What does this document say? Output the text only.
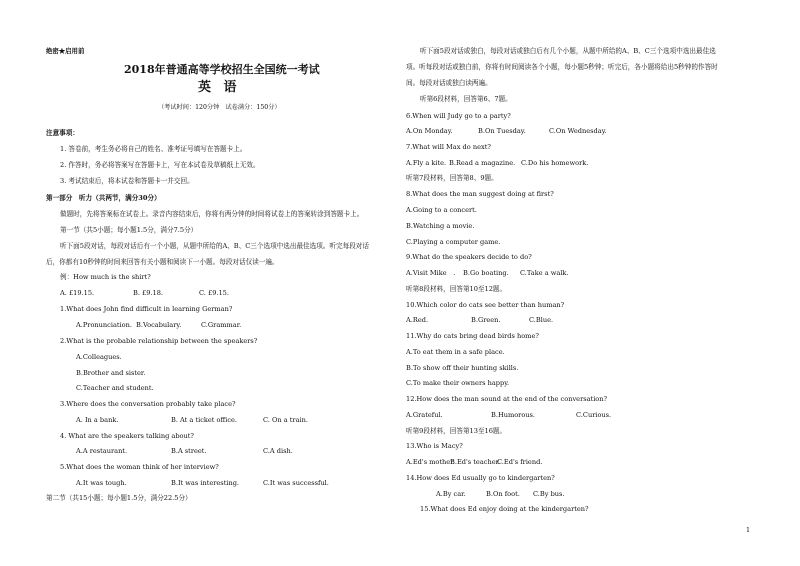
绝密★启用前
2018年普通高等学校招生全国统一考试
英 语
（考试时间：120分钟　试卷满分：150分）
注意事项：
1. 答卷前，考生务必将自己的姓名、准考证号填写在答题卡上。
2. 作答时，务必将答案写在答题卡上，写在本试卷及草稿纸上无效。
3. 考试结束后，将本试卷和答题卡一并交回。
第一部分　听力（共两节，满分30分）
做题时，先将答案标在试卷上。录音内容结束后，你将有两分钟的时间将试卷上的答案转涂到答题卡上。
第一节（共5小题；每小题1.5分，满分7.5分）
听下面5段对话，每段对话后有一个小题，从题中所给的A、B、C三个选项中选出最佳选项。听完每段对话
后，你都有10秒钟的时间来回答有关小题和阅读下一小题。每段对话仅读一遍。
例：How much is the shirt?
A. £19.15.	B. £9.18.	C. £9.15.
1.What does John find difficult in learning German?
A.Pronunciation. B.Vocabulary.	C.Grammar.
2.What is the probable relationship between the speakers?
A.Colleagues.
B.Brother and sister.
C.Teacher and student.
3.Where does the conversation probably take place?
A. In a bank.	B. At a ticket office.	C. On a train.
4. What are the speakers talking about?
A.A restaurant.	B.A street.	C.A dish.
5.What does the woman think of her interview?
A.It was tough.	B.It was interesting.	C.It was successful.
第二节（共15小题；每小题1.5分，满分22.5分）
听下面5段对话或独白，每段对话或独白后有几个小题，从题中所给的A、B、C三个选项中选出最佳选
项。听每段对话或独白前，你将有时间阅读各个小题，每小题5秒钟；听完后，各小题将给出5秒钟的作答时
间。每段对话或独白读两遍。
听第6段材料，回答第6、7题。
6.When will Judy go to a party?
A.On Monday.	B.On Tuesday.	C.On Wednesday.
7.What will Max do next?
A.Fly a kite. B.Read a magazine. C.Do his homework.
听第7段材料，回答第8、9题。
8.What does the man suggest doing at first?
A.Going to a concert.
B.Watching a movie.
C.Playing a computer game.
9.What do the speakers decide to do?
A.Visit Mike　. B.Go boating. C.Take a walk.
听第8段材料，回答第10至12题。
10.Which color do cats see better than human?
A.Red.	B.Green.	C.Blue.
11.Why do cats bring dead birds home?
A.To eat them in a safe place.
B.To show off their hunting skills.
C.To make their owners happy.
12.How does the man sound at the end of the conversation?
A.Grateful.	B.Humorous.	C.Curious.
听第9段材料，回答第13至16题。
13.Who is Macy?
A.Ed's mother.
B.Ed's teacher.
C.Ed's friend.
14.How does Ed usually go to kindergarten?
A.By car.	B.On foot. C.By bus.
15.What does Ed enjoy doing at the kindergarten?
1
